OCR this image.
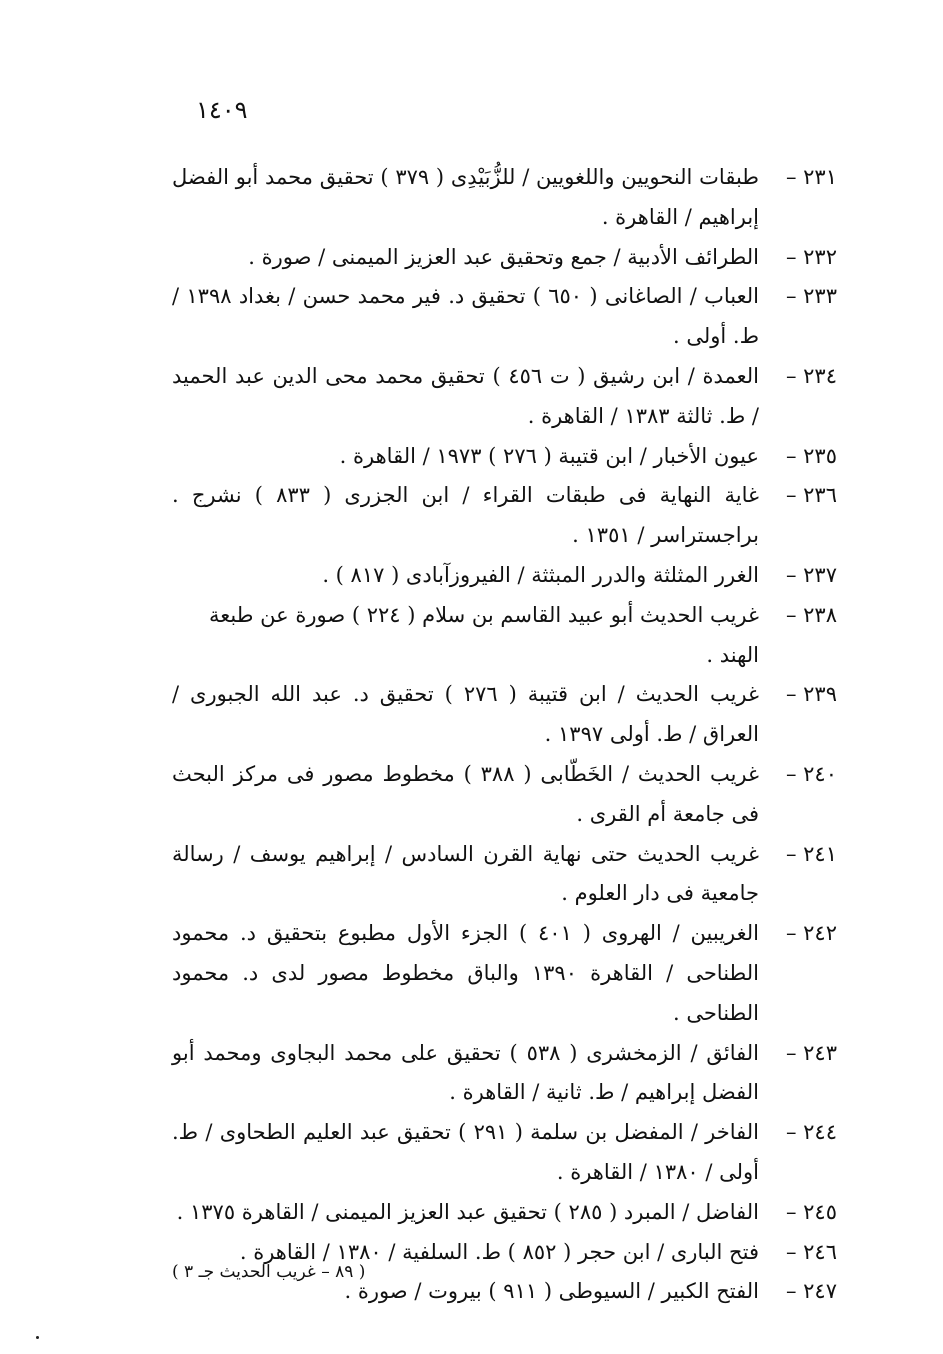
١٤٠٩
٢٣١ –
طبقات النحويين واللغويين / للزُّبَيْدِى ( ٣٧٩ ) تحقيق محمد أبو الفضل إبراهيم / القاهرة .
٢٣٢ –
الطرائف الأدبية / جمع وتحقيق عبد العزيز الميمنى / صورة .
٢٣٣ –
العباب / الصاغانى ( ٦٥٠ ) تحقيق د. فير محمد حسن / بغداد ١٣٩٨ / ط. أولى .
٢٣٤ –
العمدة / ابن رشيق ( ت ٤٥٦ ) تحقيق محمد محى الدين عبد الحميد / ط. ثالثة ١٣٨٣ / القاهرة .
٢٣٥ –
عيون الأخبار / ابن قتيبة ( ٢٧٦ ) ١٩٧٣ / القاهرة .
٢٣٦ –
غاية النهاية فى طبقات القراء / ابن الجزرى ( ٨٣٣ ) نشرج . براجستراسر / ١٣٥١ .
٢٣٧ –
الغرر المثلثة والدرر المبثثة / الفيروزآبادى ( ٨١٧ ) .
٢٣٨ –
غريب الحديث أبو عبيد القاسم بن سلام ( ٢٢٤ ) صورة عن طبعة الهند .
٢٣٩ –
غريب الحديث / ابن قتيبة ( ٢٧٦ ) تحقيق د. عبد الله الجبورى / العراق / ط. أولى ١٣٩٧ .
٢٤٠ –
غريب الحديث / الخَطّابى ( ٣٨٨ ) مخطوط مصور فى مركز البحث فى جامعة أم القرى .
٢٤١ –
غريب الحديث حتى نهاية القرن السادس / إبراهيم يوسف / رسالة جامعية فى دار العلوم .
٢٤٢ –
الغريبين / الهروى ( ٤٠١ ) الجزء الأول مطبوع بتحقيق د. محمود الطناحى / القاهرة ١٣٩٠ والباق مخطوط مصور لدى د. محمود الطناحى .
٢٤٣ –
الفائق / الزمخشرى ( ٥٣٨ ) تحقيق على محمد البجاوى ومحمد أبو الفضل إبراهيم / ط. ثانية / القاهرة .
٢٤٤ –
الفاخر / المفضل بن سلمة ( ٢٩١ ) تحقيق عبد العليم الطحاوى / ط. أولى / ١٣٨٠ / القاهرة .
٢٤٥ –
الفاضل / المبرد ( ٢٨٥ ) تحقيق عبد العزيز الميمنى / القاهرة ١٣٧٥ .
٢٤٦ –
فتح البارى / ابن حجر ( ٨٥٢ ) ط. السلفية / ١٣٨٠ / القاهرة .
٢٤٧ –
الفتح الكبير / السيوطى ( ٩١١ ) بيروت / صورة .
( ٨٩ – غريب الحديث جـ ٣ )
